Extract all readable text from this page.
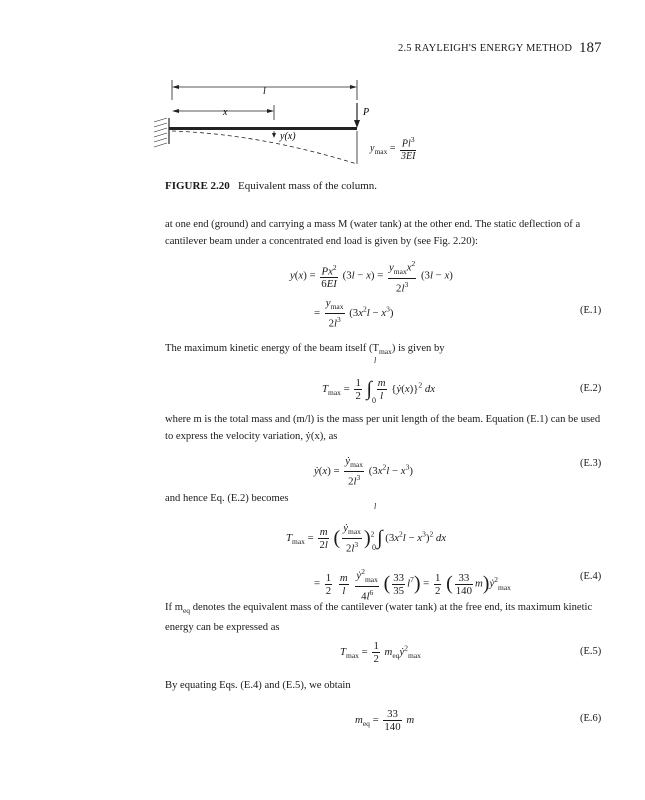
2.5 RAYLEIGH'S ENERGY METHOD 187
l
x	P
y(x)
$y_{max} = \frac{Pl^3}{3EI}$
FIGURE 2.20 Equivalent mass of the column.
at one end (ground) and carrying a mass M (water tank) at the other end. The static deflection of a cantilever beam under a concentrated end load is given by (see Fig. 2.20):
$y(x) = \frac{Px^2}{6EI} (3l - x) = \frac{y_{max}x^2}{2l^3} (3l - x)$
= $\frac{y_{max}}{2l^3} (3x^2l - x^3)$	(E.1)
The maximum kinetic energy of the beam itself $(T_{max})$ is given by
l
0
$T_{max} = \frac{1}{2}$ ∫ $\frac{m}{l}$ {ẏ(x)}$^2$ dx	(E.2)
where m is the total mass and (m/l) is the mass per unit length of the beam. Equation (E.1) can be used to express the velocity variation, ẏ(x), as
ẏ(x) = $\frac{ẏ_{max}}{2l^3} (3x^2l - x^3)$
(E.3)
and hence Eq. (E.2) becomes
l
0
$T_{max} = \frac{m}{2l}$ ( $\frac{ẏ_{max}}{2l^3} )^2$ ∫ $(3x^2l - x^3)^2$ dx
= $\frac{1}{2}$
$\frac{m}{l}$
$\frac{ẏ^2_{max}}{4l^6}$ ( $\frac{33}{35} l^7) = \frac{1}{2}$ ( $\frac{33}{140}$ m)ẏ$^2_{max}$
(E.4)
If $m_{eq}$ denotes the equivalent mass of the cantilever (water tank) at the free end, its maximum kinetic energy can be expressed as
$T_{max} = \frac{1}{2}$ $m_{eq}ẏ^2_{max}$	(E.5)
By equating Eqs. (E.4) and (E.5), we obtain
$m_{eq} = \frac{33}{140}$ m	(E.6)
